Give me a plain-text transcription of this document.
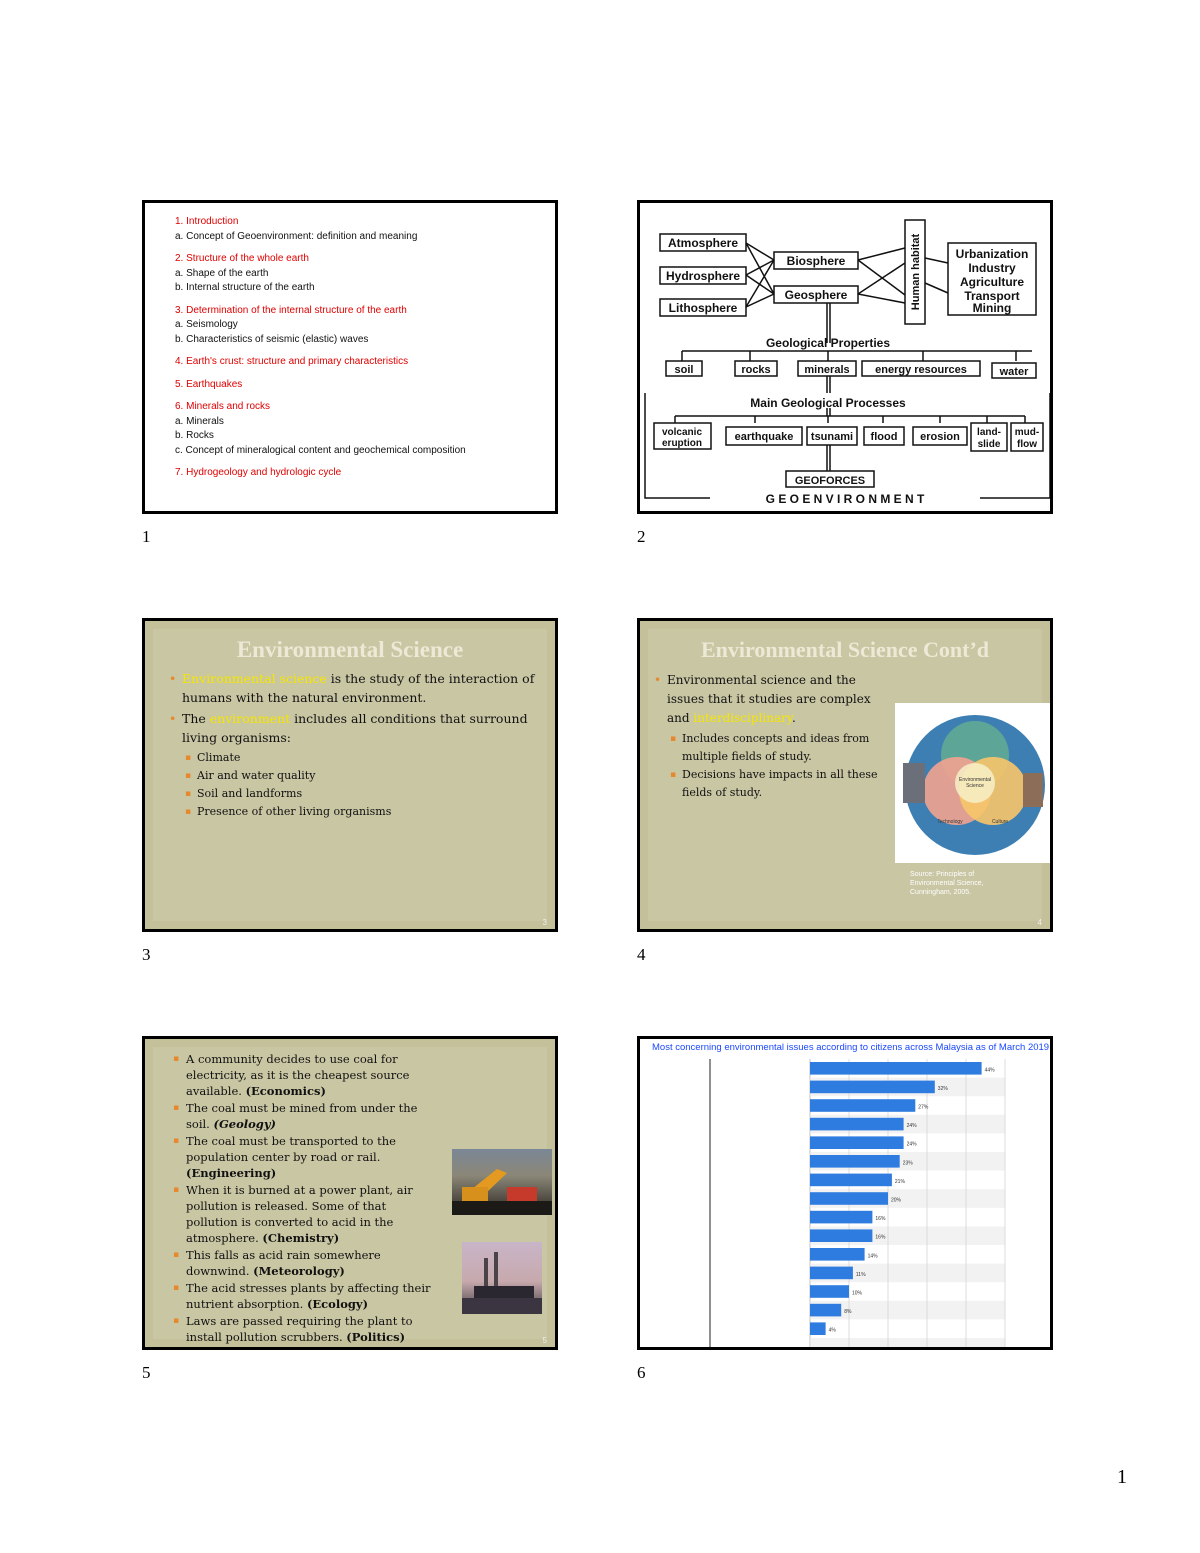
1. Introduction
a. Concept of Geoenvironment: definition and meaning
2. Structure of the whole earth
a. Shape of the earth
b. Internal structure of the earth
3. Determination of the internal structure of the earth
a. Seismology
b. Characteristics of seismic (elastic) waves
4. Earth's crust: structure and primary characteristics
5. Earthquakes
6. Minerals and rocks
a. Minerals
b. Rocks
c. Concept of mineralogical content and geochemical composition
7. Hydrogeology and hydrologic cycle
1
Atmosphere
Hydrosphere
Lithosphere
Biosphere
Geosphere	Human habitat	Urbanization
Industry
Agriculture
Transport
Mining
Geological Properties
soil	rocks	minerals energy resources	water
Main Geological Processes
volcanic
eruption
earthquake tsunami flood erosion land-
slide
mud-
flow
GEOFORCES
G E O E N V I R O N M E N T
2
Environmental Science
• Environmental science is the study of the interaction of humans with the natural environment.
• The environment includes all conditions that surround living organisms:
▪ Climate
▪ Air and water quality
▪ Soil and landforms
▪ Presence of other living organisms
3
3
Environmental Science Cont’d
• Environmental science and the issues that it studies are complex and interdisciplinary.
▪ Includes concepts and ideas from multiple fields of study.
▪ Decisions have impacts in all these fields of study.
Environmental
Science
Technology	Culture
Source: Principles of
Environmental Science,
Cunningham, 2005.
4
4
▪ A community decides to use coal for electricity, as it is the cheapest source available. (Economics)
▪ The coal must be mined from under the soil. (Geology)
▪ The coal must be transported to the population center by road or rail. (Engineering)
▪ When it is burned at a power plant, air pollution is released. Some of that pollution is converted to acid in the atmosphere. (Chemistry)
▪ This falls as acid rain somewhere downwind. (Meteorology)
▪ The acid stresses plants by affecting their nutrient absorption. (Ecology)
▪ Laws are passed requiring the plant to install pollution scrubbers. (Politics)	5
5
Most concerning environmental issues according to citizens across Malaysia as of March 2019
44%
32%
27%
24%
24%
23%
21%
20%
16%
16%
14%
11%
10%
8%
4%
6
1
